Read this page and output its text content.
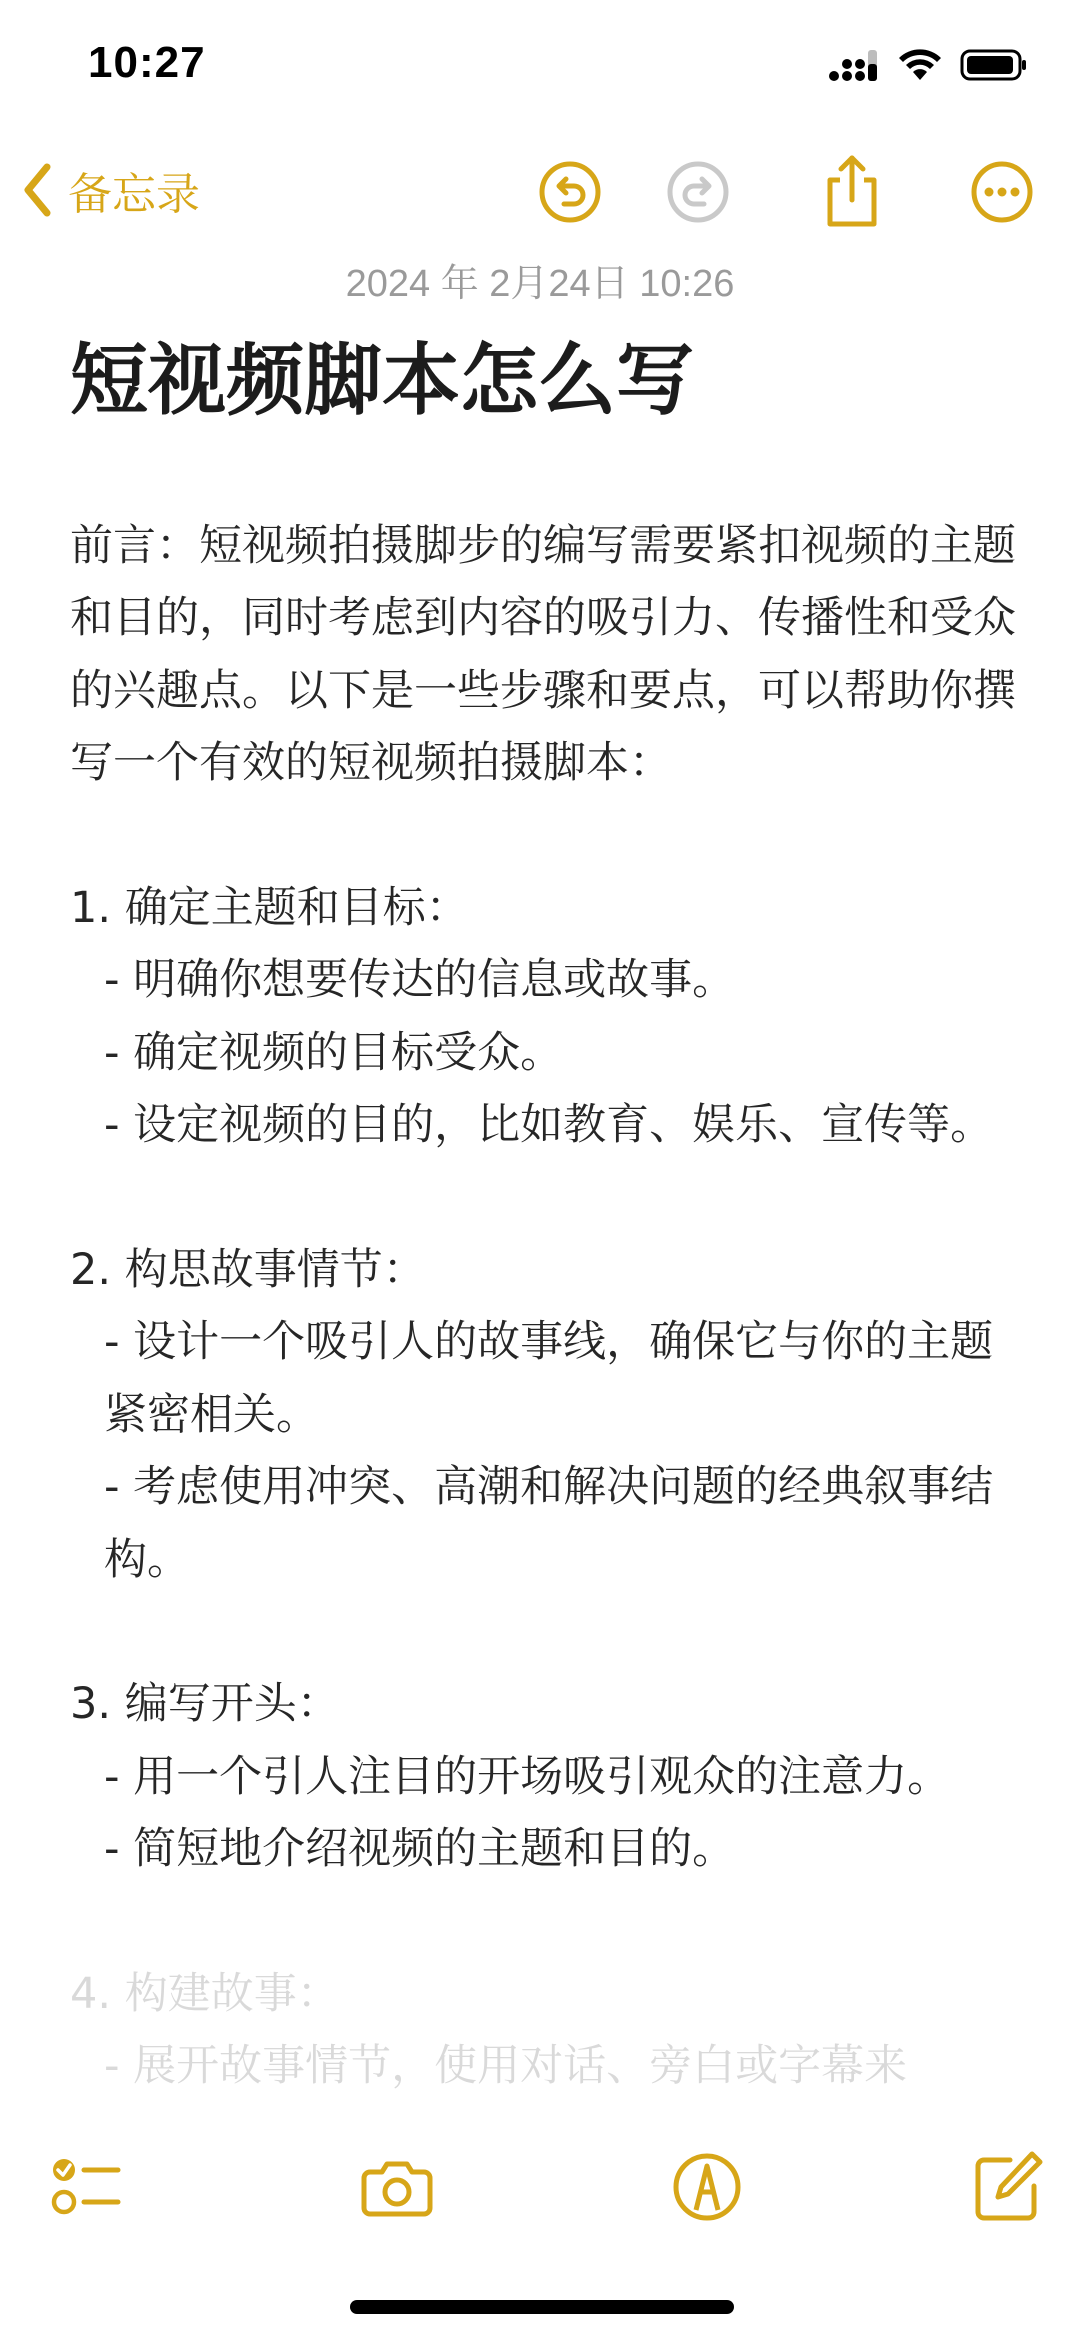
10:27
备忘录
2024 年 2月24日 10:26
短视频脚本怎么写

前言：短视频拍摄脚步的编写需要紧扣视频的主题和目的，同时考虑到内容的吸引力、传播性和受众的兴趣点。以下是一些步骤和要点，可以帮助你撰写一个有效的短视频拍摄脚本：

1. 确定主题和目标：

- 明确你想要传达的信息或故事。

- 确定视频的目标受众。

- 设定视频的目的，比如教育、娱乐、宣传等。

2. 构思故事情节：

- 设计一个吸引人的故事线，确保它与你的主题紧密相关。

- 考虑使用冲突、高潮和解决问题的经典叙事结构。

3. 编写开头：

- 用一个引人注目的开场吸引观众的注意力。

- 简短地介绍视频的主题和目的。

4. 构建故事：

- 展开故事情节，使用对话、旁白或字幕来
